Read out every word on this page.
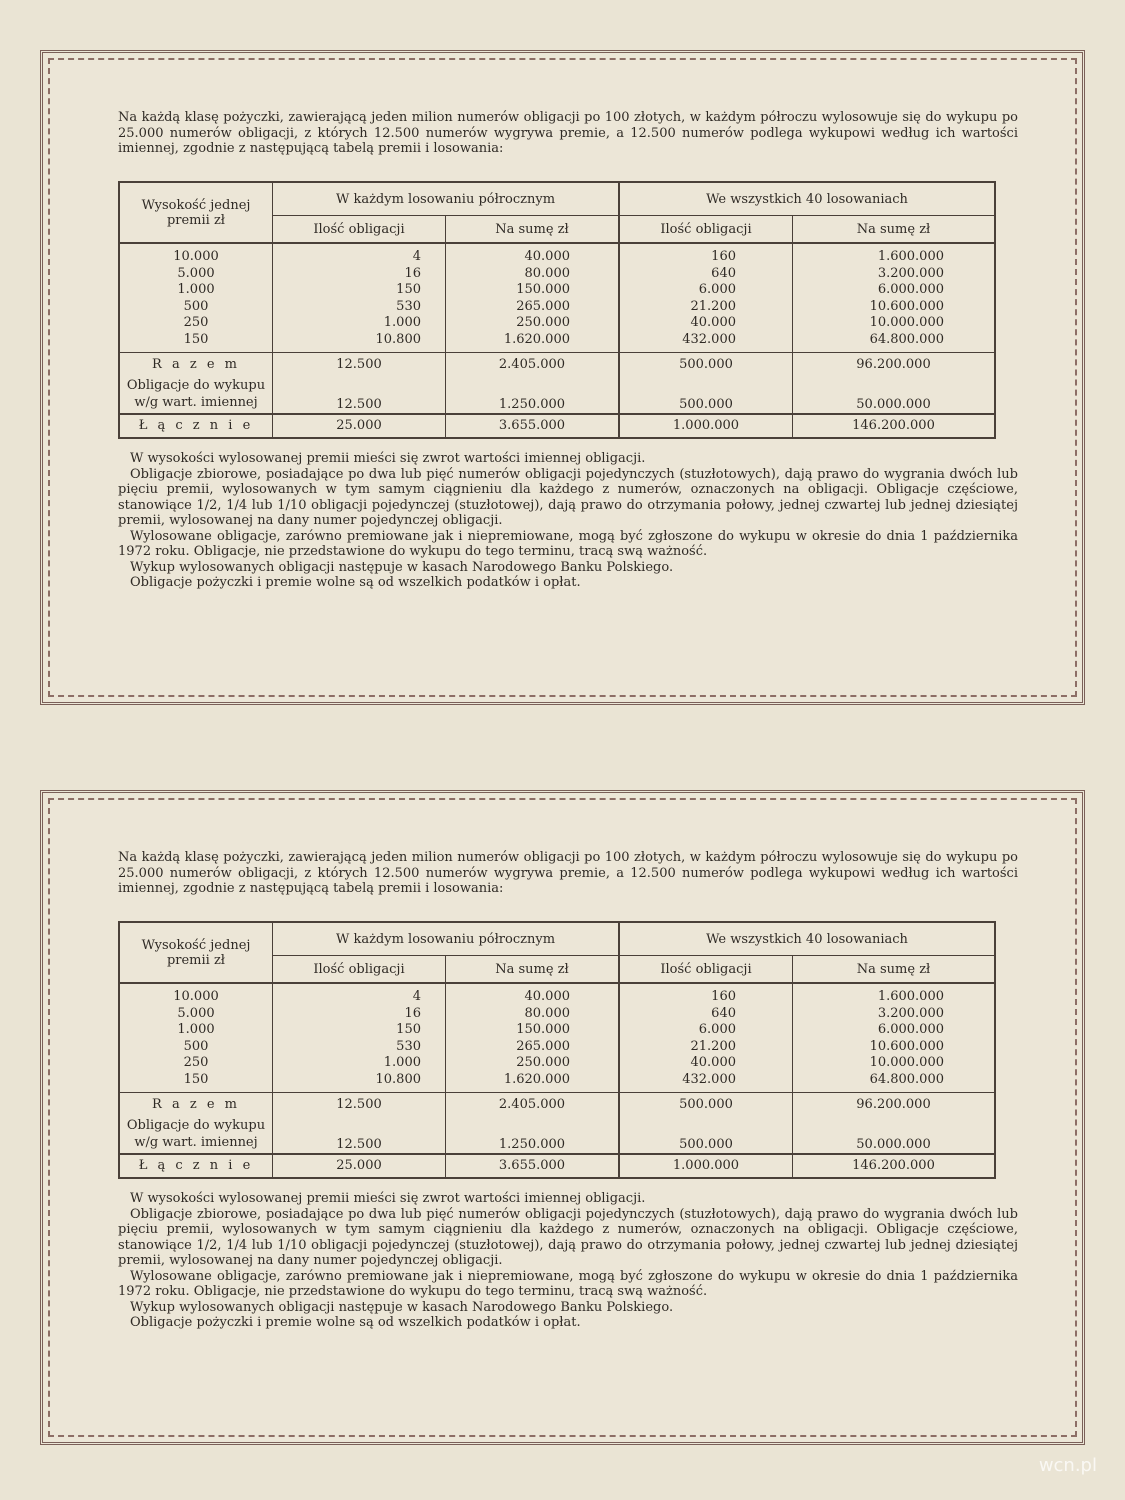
Na każdą klasę pożyczki, zawierającą jeden milion numerów obligacji po 100 złotych, w każdym półroczu wylosowuje się do wykupu po 25.000 numerów obligacji, z których 12.500 numerów wygrywa premie, a 12.500 numerów podlega wykupowi według ich wartości imiennej, zgodnie z następującą tabelą premii i losowania:

Wysokość jednej premii zł	W każdym losowaniu półrocznym		We wszystkich 40 losowaniach	
	Ilość obligacji	Na sumę zł	Ilość obligacji	Na sumę zł
10.000	4	40.000	160	1.600.000
5.000	16	80.000	640	3.200.000
1.000	150	150.000	6.000	6.000.000
500	530	265.000	21.200	10.600.000
250	1.000	250.000	40.000	10.000.000
150	10.800	1.620.000	432.000	64.800.000
R a z e m	12.500	2.405.000	500.000	96.200.000
Obligacje do wykupu w/g wart. imiennej	12.500	1.250.000	500.000	50.000.000
Ł ą c z n i e	25.000	3.655.000	1.000.000	146.200.000

W wysokości wylosowanej premii mieści się zwrot wartości imiennej obligacji.

Obligacje zbiorowe, posiadające po dwa lub pięć numerów obligacji pojedynczych (stuzłotowych), dają prawo do wygrania dwóch lub pięciu premii, wylosowanych w tym samym ciągnieniu dla każdego z numerów, oznaczonych na obligacji. Obligacje częściowe, stanowiące 1/2, 1/4 lub 1/10 obligacji pojedynczej (stuzłotowej), dają prawo do otrzymania połowy, jednej czwartej lub jednej dziesiątej premii, wylosowanej na dany numer pojedynczej obligacji.

Wylosowane obligacje, zarówno premiowane jak i niepremiowane, mogą być zgłoszone do wykupu w okresie do dnia 1 października 1972 roku. Obligacje, nie przedstawione do wykupu do tego terminu, tracą swą ważność.

Wykup wylosowanych obligacji następuje w kasach Narodowego Banku Polskiego.

Obligacje pożyczki i premie wolne są od wszelkich podatków i opłat.

Na każdą klasę pożyczki, zawierającą jeden milion numerów obligacji po 100 złotych, w każdym półroczu wylosowuje się do wykupu po 25.000 numerów obligacji, z których 12.500 numerów wygrywa premie, a 12.500 numerów podlega wykupowi według ich wartości imiennej, zgodnie z następującą tabelą premii i losowania:

Wysokość jednej premii zł	W każdym losowaniu półrocznym		We wszystkich 40 losowaniach	
	Ilość obligacji	Na sumę zł	Ilość obligacji	Na sumę zł
10.000	4	40.000	160	1.600.000
5.000	16	80.000	640	3.200.000
1.000	150	150.000	6.000	6.000.000
500	530	265.000	21.200	10.600.000
250	1.000	250.000	40.000	10.000.000
150	10.800	1.620.000	432.000	64.800.000
R a z e m	12.500	2.405.000	500.000	96.200.000
Obligacje do wykupu w/g wart. imiennej	12.500	1.250.000	500.000	50.000.000
Ł ą c z n i e	25.000	3.655.000	1.000.000	146.200.000

W wysokości wylosowanej premii mieści się zwrot wartości imiennej obligacji.

Obligacje zbiorowe, posiadające po dwa lub pięć numerów obligacji pojedynczych (stuzłotowych), dają prawo do wygrania dwóch lub pięciu premii, wylosowanych w tym samym ciągnieniu dla każdego z numerów, oznaczonych na obligacji. Obligacje częściowe, stanowiące 1/2, 1/4 lub 1/10 obligacji pojedynczej (stuzłotowej), dają prawo do otrzymania połowy, jednej czwartej lub jednej dziesiątej premii, wylosowanej na dany numer pojedynczej obligacji.

Wylosowane obligacje, zarówno premiowane jak i niepremiowane, mogą być zgłoszone do wykupu w okresie do dnia 1 października 1972 roku. Obligacje, nie przedstawione do wykupu do tego terminu, tracą swą ważność.

Wykup wylosowanych obligacji następuje w kasach Narodowego Banku Polskiego.

Obligacje pożyczki i premie wolne są od wszelkich podatków i opłat.

wcn.pl
